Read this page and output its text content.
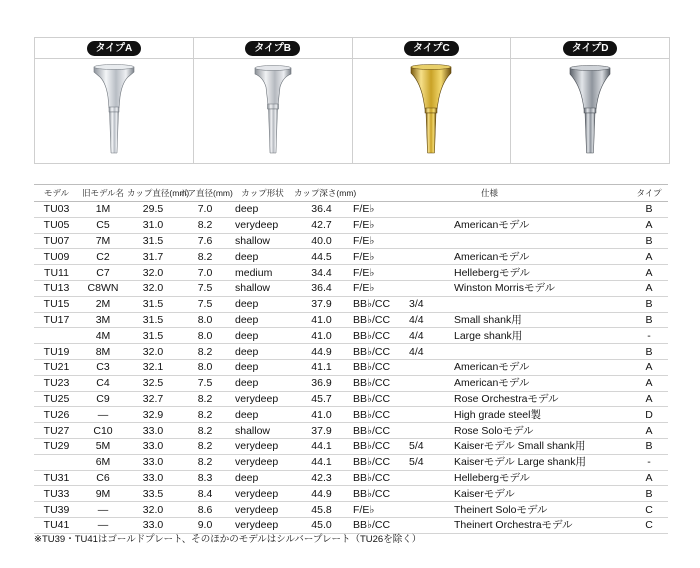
タイプA	タイプB	タイプC	タイプD
モデル	旧モデル名	カップ直径(mm)	ボア直径(mm)	カップ形状	カップ深さ(mm)	仕様			タイプ
TU03	1M	29.5	7.0	deep	36.4	F/E♭			B
TU05	C5	31.0	8.2	verydeep	42.7	F/E♭		Americanモデル	A
TU07	7M	31.5	7.6	shallow	40.0	F/E♭			B
TU09	C2	31.7	8.2	deep	44.5	F/E♭		Americanモデル	A
TU11	C7	32.0	7.0	medium	34.4	F/E♭		Hellebergモデル	A
TU13	C8WN	32.0	7.5	shallow	36.4	F/E♭		Winston Morrisモデル	A
TU15	2M	31.5	7.5	deep	37.9	BB♭/CC	3/4		B
TU17	3M	31.5	8.0	deep	41.0	BB♭/CC	4/4	Small shank用	B
	4M	31.5	8.0	deep	41.0	BB♭/CC	4/4	Large shank用	-
TU19	8M	32.0	8.2	deep	44.9	BB♭/CC	4/4		B
TU21	C3	32.1	8.0	deep	41.1	BB♭/CC		Americanモデル	A
TU23	C4	32.5	7.5	deep	36.9	BB♭/CC		Americanモデル	A
TU25	C9	32.7	8.2	verydeep	45.7	BB♭/CC		Rose Orchestraモデル	A
TU26	—	32.9	8.2	deep	41.0	BB♭/CC		High grade steel製	D
TU27	C10	33.0	8.2	shallow	37.9	BB♭/CC		Rose Soloモデル	A
TU29	5M	33.0	8.2	verydeep	44.1	BB♭/CC	5/4	Kaiserモデル Small shank用	B
	6M	33.0	8.2	verydeep	44.1	BB♭/CC	5/4	Kaiserモデル Large shank用	-
TU31	C6	33.0	8.3	deep	42.3	BB♭/CC		Hellebergモデル	A
TU33	9M	33.5	8.4	verydeep	44.9	BB♭/CC		Kaiserモデル	B
TU39	—	32.0	8.6	verydeep	45.8	F/E♭		Theinert Soloモデル	C
TU41	—	33.0	9.0	verydeep	45.0	BB♭/CC		Theinert Orchestraモデル	C
※TU39・TU41はゴールドプレート、そのほかのモデルはシルバープレート（TU26を除く）
